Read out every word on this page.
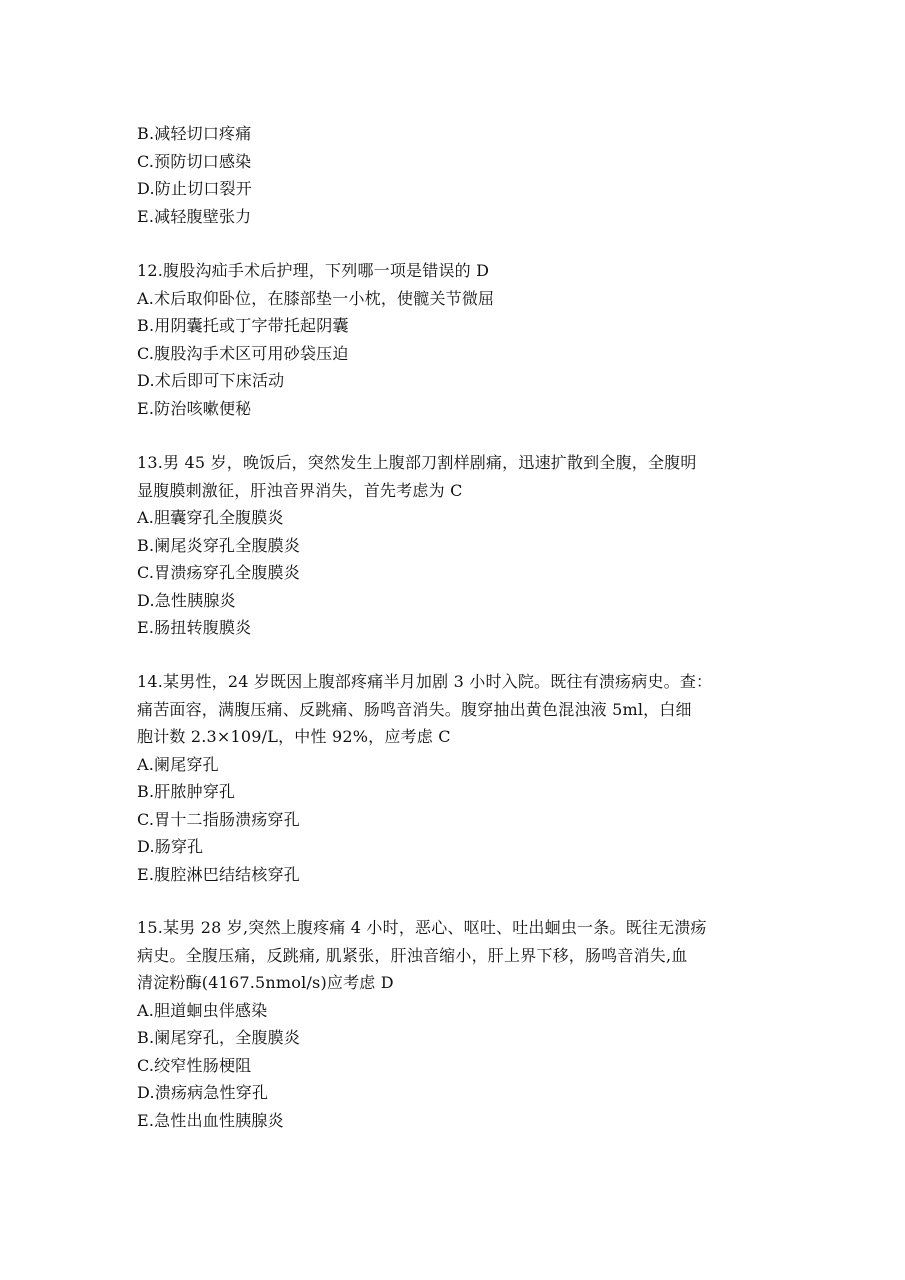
B.减轻切口疼痛
C.预防切口感染
D.防止切口裂开
E.减轻腹壁张力
12.腹股沟疝手术后护理，下列哪一项是错误的 D
A.术后取仰卧位，在膝部垫一小枕，使髋关节微屈
B.用阴囊托或丁字带托起阴囊
C.腹股沟手术区可用砂袋压迫
D.术后即可下床活动
E.防治咳嗽便秘
13.男 45 岁，晚饭后，突然发生上腹部刀割样剧痛，迅速扩散到全腹，全腹明
显腹膜刺激征，肝浊音界消失，首先考虑为 C
A.胆囊穿孔全腹膜炎
B.阑尾炎穿孔全腹膜炎
C.胃溃疡穿孔全腹膜炎
D.急性胰腺炎
E.肠扭转腹膜炎
14.某男性，24 岁既因上腹部疼痛半月加剧 3 小时入院。既往有溃疡病史。查：
痛苦面容，满腹压痛、反跳痛、肠鸣音消失。腹穿抽出黄色混浊液 5ml，白细
胞计数 2.3×109/L，中性 92%，应考虑 C
A.阑尾穿孔
B.肝脓肿穿孔
C.胃十二指肠溃疡穿孔
D.肠穿孔
E.腹腔淋巴结结核穿孔
15.某男 28 岁,突然上腹疼痛 4 小时，恶心、呕吐、吐出蛔虫一条。既往无溃疡
病史。全腹压痛，反跳痛, 肌紧张，肝浊音缩小，肝上界下移，肠鸣音消失,血
清淀粉酶(4167.5nmol/s)应考虑 D
A.胆道蛔虫伴感染
B.阑尾穿孔，全腹膜炎
C.绞窄性肠梗阻
D.溃疡病急性穿孔
E.急性出血性胰腺炎
